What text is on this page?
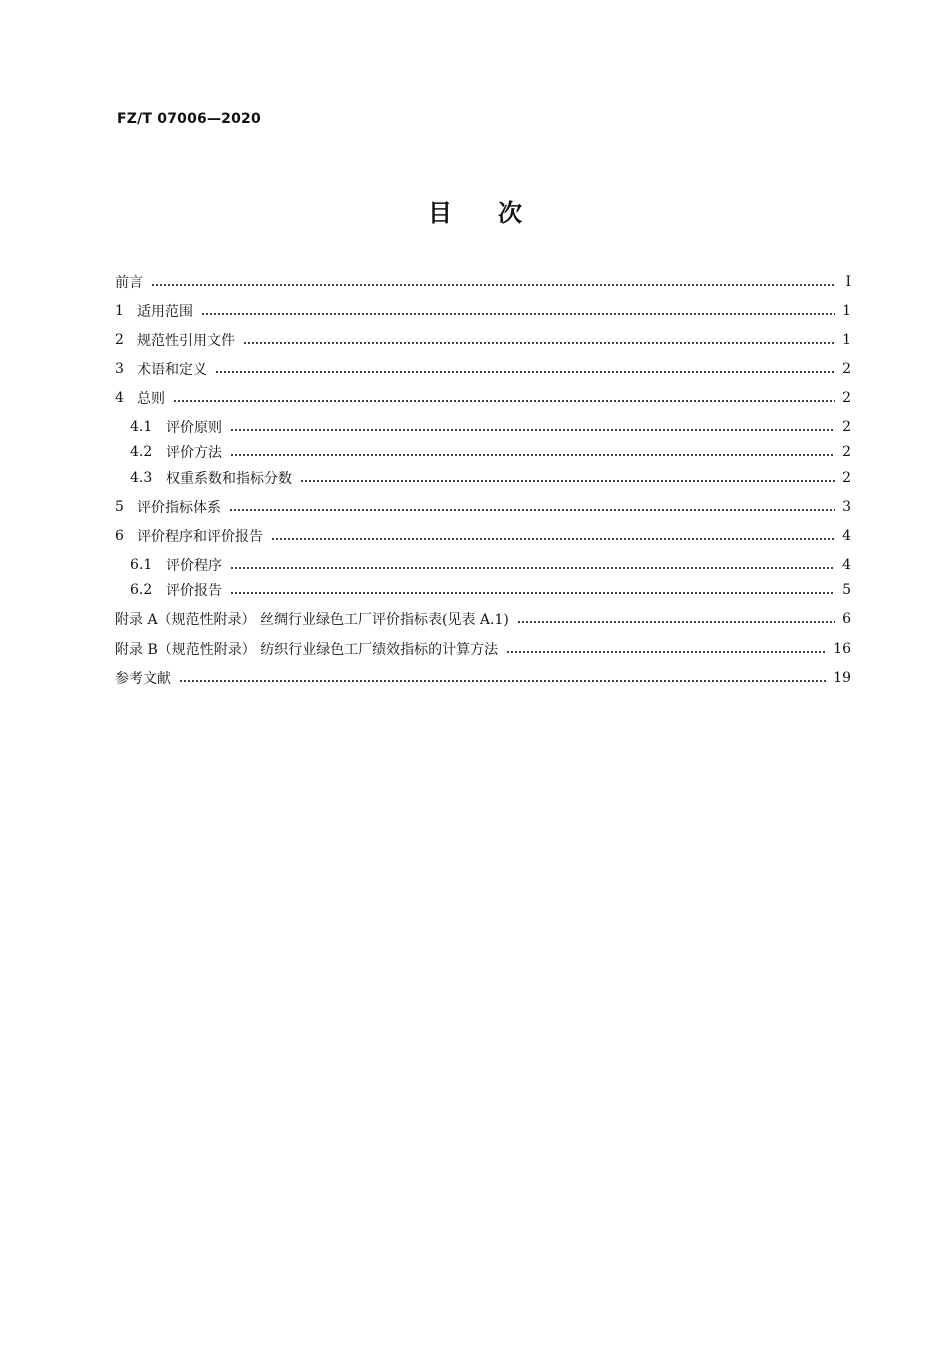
FZ/T 07006—2020
目次
前言	Ⅰ
1 适用范围	1
2 规范性引用文件	1
3 术语和定义	2
4 总则	2
4.1 评价原则	2
4.2 评价方法	2
4.3 权重系数和指标分数	2
5 评价指标体系	3
6 评价程序和评价报告	4
6.1 评价程序	4
6.2 评价报告	5
附录 A（规范性附录） 丝绸行业绿色工厂评价指标表(见表 A.1)	6
附录 B（规范性附录） 纺织行业绿色工厂绩效指标的计算方法	16
参考文献	19
